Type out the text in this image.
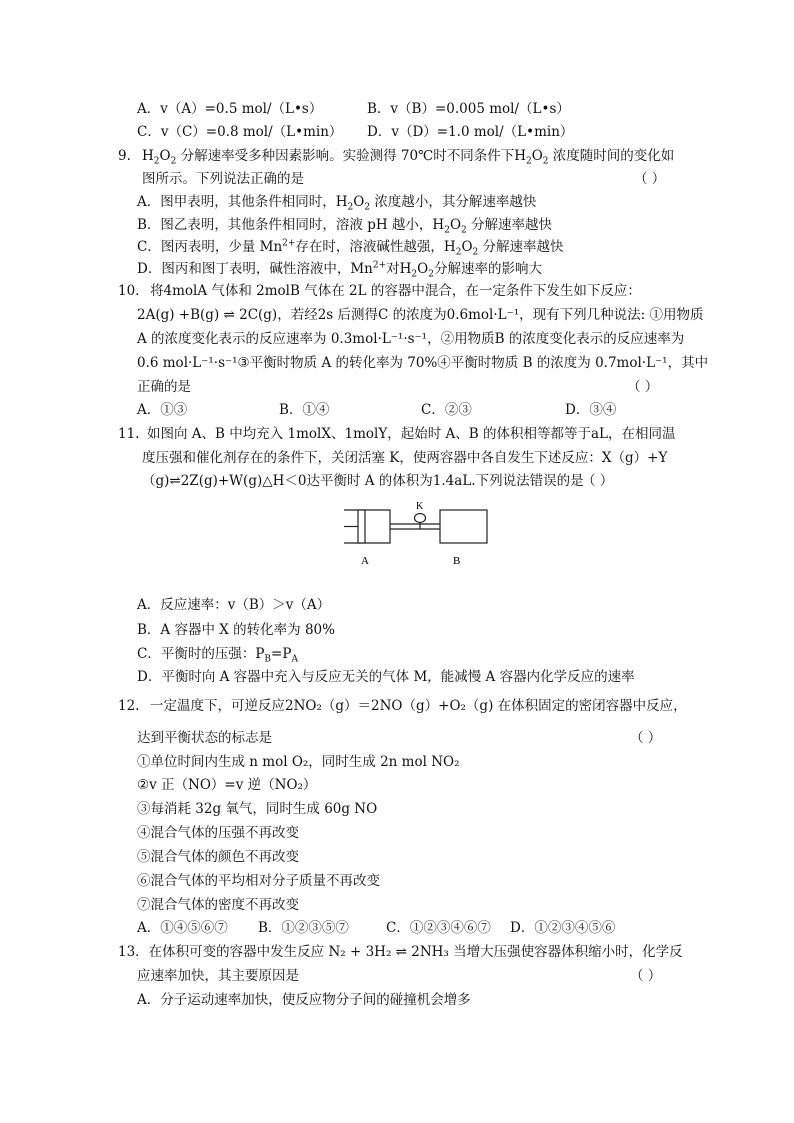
A．v（A）=0.5 mol/（L•s）	B．v（B）=0.005 mol/（L•s）
C．v（C）=0.8 mol/（L•min） D．v（D）=1.0 mol/（L•min）
9. $H_2O_2$ 分解速率受多种因素影响。实验测得 70℃时不同条件下$H_2O_2$ 浓度随时间的变化如
图所示。下列说法正确的是	（ ）
A．图甲表明，其他条件相同时，$H_2O_2$ 浓度越小，其分解速率越快
B．图乙表明，其他条件相同时，溶液 pH 越小，$H_2O_2$ 分解速率越快
C．图丙表明，少量 $Mn^{2+}$存在时，溶液碱性越强，$H_2O_2$ 分解速率越快
D．图丙和图丁表明，碱性溶液中，$Mn^{2+}$对$H_2O_2$分解速率的影响大
10. 将4molA 气体和 2molB 气体在 2L 的容器中混合，在一定条件下发生如下反应：
2A(g) +B(g) ⇌ 2C(g)，若经2s 后测得C 的浓度为0.6mol·L⁻¹，现有下列几种说法: ①用物质
A 的浓度变化表示的反应速率为 0.3mol·L⁻¹·s⁻¹，②用物质B 的浓度变化表示的反应速率为
0.6 mol·L⁻¹·s⁻¹③平衡时物质 A 的转化率为 70%④平衡时物质 B 的浓度为 0.7mol·L⁻¹，其中
正确的是	（ ）
A．①③	B．①④	C．②③	D．③④
11. 如图向 A、B 中均充入 1molX、1molY，起始时 A、B 的体积相等都等于aL，在相同温
度压强和催化剂存在的条件下，关闭活塞 K，使两容器中各自发生下述反应：X（g）+Y
（g)⇌2Z(g)+W(g)△H＜0达平衡时 A 的体积为1.4aL.下列说法错误的是
（ ）
K
A	B
A．反应速率：v（B）＞v（A）
B．A 容器中 X 的转化率为 80%
C．平衡时的压强：$P_B=P_A$
D．平衡时向 A 容器中充入与反应无关的气体 M，能减慢 A 容器内化学反应的速率
12. 一定温度下，可逆反应2NO₂（g）＝2NO（g）+O₂（g) 在体积固定的密闭容器中反应，
达到平衡状态的标志是	（ ）
①单位时间内生成 n mol O₂，同时生成 2n mol NO₂
②v 正（NO）=v 逆（NO₂）
③每消耗 32g 氧气，同时生成 60g NO
④混合气体的压强不再改变
⑤混合气体的颜色不再改变
⑥混合气体的平均相对分子质量不再改变
⑦混合气体的密度不再改变
A．①④⑤⑥⑦ B．①②③⑤⑦	C．①②③④⑥⑦ D．①②③④⑤⑥
13．在体积可变的容器中发生反应 N₂ + 3H₂ ⇌ 2NH₃ 当增大压强使容器体积缩小时，化学反
应速率加快，其主要原因是	（ ）
A．分子运动速率加快，使反应物分子间的碰撞机会增多
